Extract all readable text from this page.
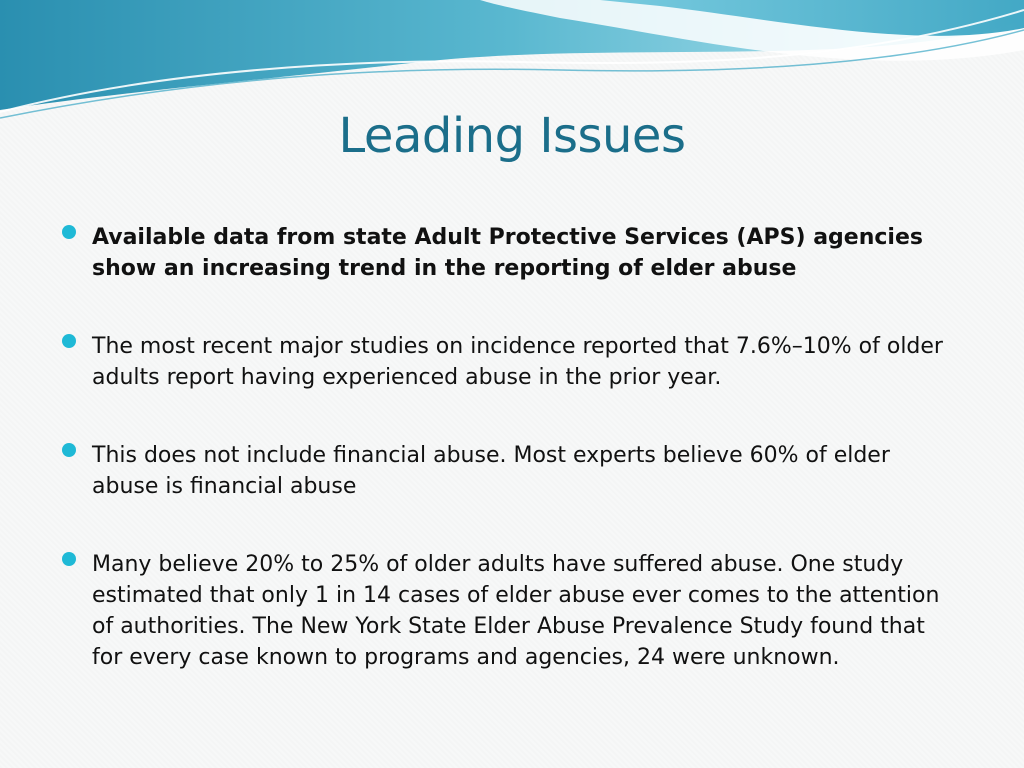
Leading Issues
Available data from state Adult Protective Services (APS) agencies show an increasing trend in the reporting of elder abuse
The most recent major studies on incidence reported that 7.6%–10% of older adults report having experienced abuse in the prior year.
This does not include financial abuse. Most experts believe 60% of elder abuse is financial abuse
Many believe 20% to 25% of older adults have suffered abuse. One study estimated that only 1 in 14 cases of elder abuse ever comes to the attention of authorities. The New York State Elder Abuse Prevalence Study found that for every case known to programs and agencies, 24 were unknown.
